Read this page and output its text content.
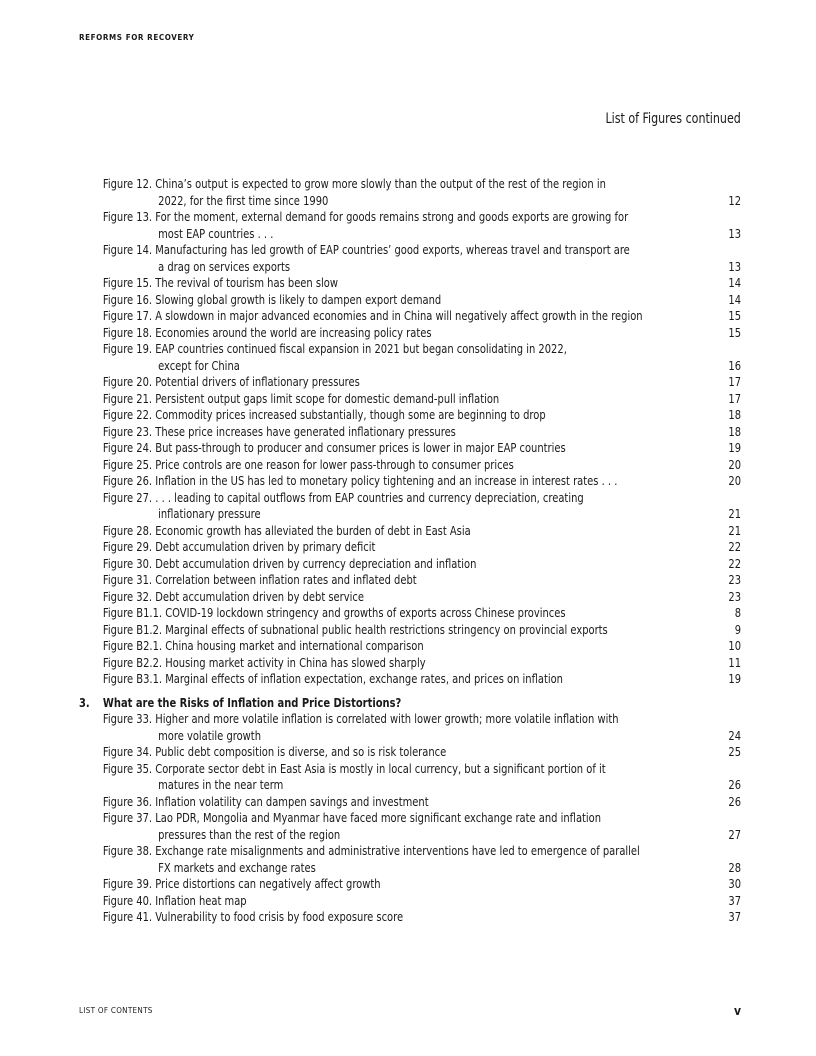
REFORMS FOR RECOVERY
List of Figures continued
Figure 12. China’s output is expected to grow more slowly than the output of the rest of the region in
2022, for the first time since 1990	12
Figure 13. For the moment, external demand for goods remains strong and goods exports are growing for
most EAP countries . . .	13
Figure 14. Manufacturing has led growth of EAP countries’ good exports, whereas travel and transport are
a drag on services exports	13
Figure 15. The revival of tourism has been slow	14
Figure 16. Slowing global growth is likely to dampen export demand	14
Figure 17. A slowdown in major advanced economies and in China will negatively affect growth in the region	15
Figure 18. Economies around the world are increasing policy rates	15
Figure 19. EAP countries continued fiscal expansion in 2021 but began consolidating in 2022,
except for China	16
Figure 20. Potential drivers of inflationary pressures	17
Figure 21. Persistent output gaps limit scope for domestic demand-pull inflation	17
Figure 22. Commodity prices increased substantially, though some are beginning to drop	18
Figure 23. These price increases have generated inflationary pressures	18
Figure 24. But pass-through to producer and consumer prices is lower in major EAP countries	19
Figure 25. Price controls are one reason for lower pass-through to consumer prices	20
Figure 26. Inflation in the US has led to monetary policy tightening and an increase in interest rates . . .	20
Figure 27. . . . leading to capital outflows from EAP countries and currency depreciation, creating
inflationary pressure	21
Figure 28. Economic growth has alleviated the burden of debt in East Asia	21
Figure 29. Debt accumulation driven by primary deficit	22
Figure 30. Debt accumulation driven by currency depreciation and inflation	22
Figure 31. Correlation between inflation rates and inflated debt	23
Figure 32. Debt accumulation driven by debt service	23
Figure B1.1. COVID-19 lockdown stringency and growths of exports across Chinese provinces	8
Figure B1.2. Marginal effects of subnational public health restrictions stringency on provincial exports	9
Figure B2.1. China housing market and international comparison	10
Figure B2.2. Housing market activity in China has slowed sharply	11
Figure B3.1. Marginal effects of inflation expectation, exchange rates, and prices on inflation	19
3.	What are the Risks of Inflation and Price Distortions?
Figure 33. Higher and more volatile inflation is correlated with lower growth; more volatile inflation with
more volatile growth	24
Figure 34. Public debt composition is diverse, and so is risk tolerance	25
Figure 35. Corporate sector debt in East Asia is mostly in local currency, but a significant portion of it
matures in the near term	26
Figure 36. Inflation volatility can dampen savings and investment	26
Figure 37. Lao PDR, Mongolia and Myanmar have faced more significant exchange rate and inflation
pressures than the rest of the region	27
Figure 38. Exchange rate misalignments and administrative interventions have led to emergence of parallel
FX markets and exchange rates	28
Figure 39. Price distortions can negatively affect growth	30
Figure 40. Inflation heat map	37
Figure 41. Vulnerability to food crisis by food exposure score	37
LIST OF CONTENTS	v
